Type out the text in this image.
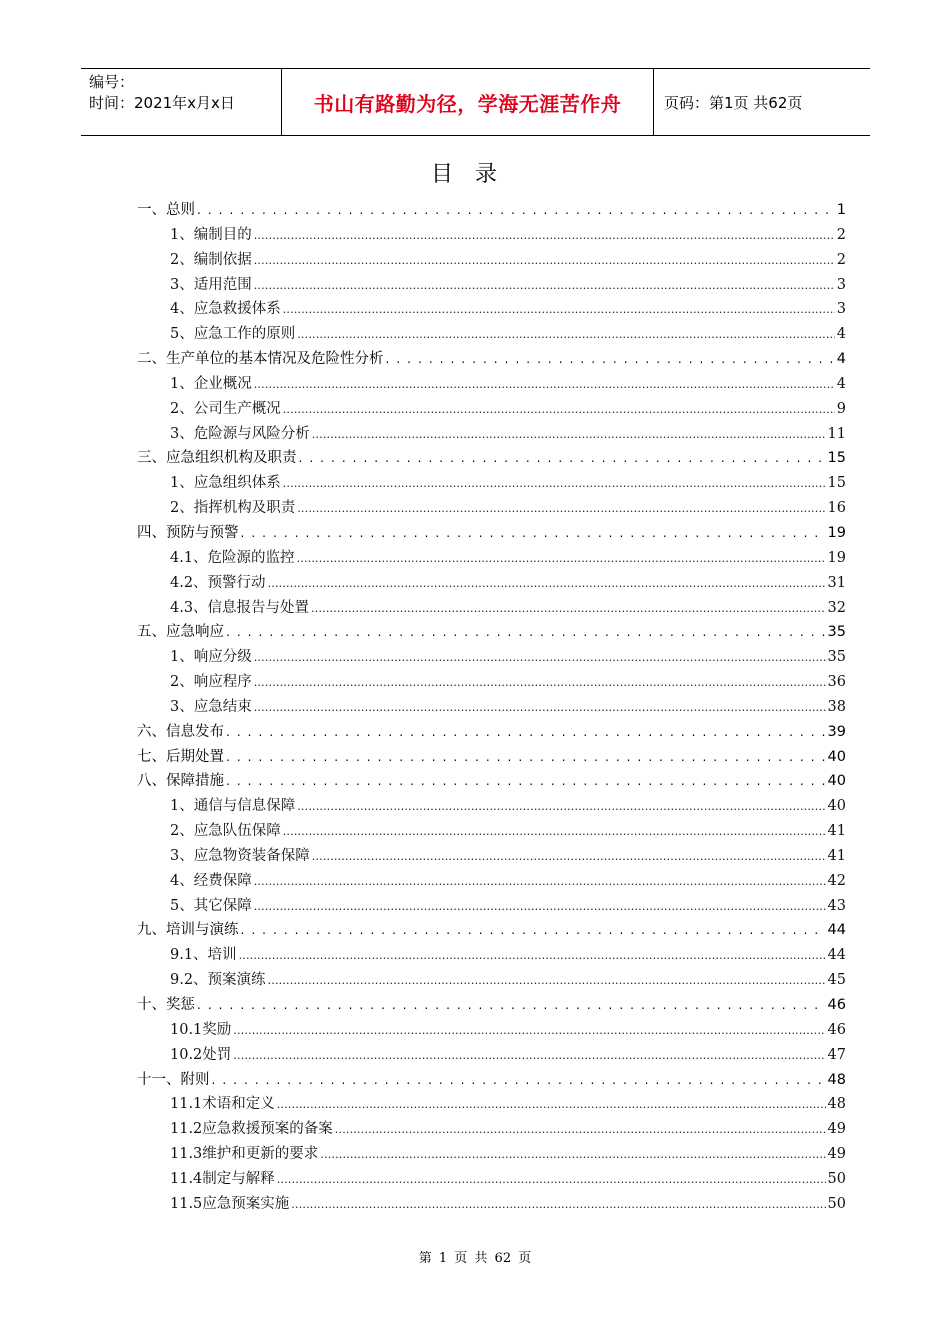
编号：
时间：2021年x月x日	书山有路勤为径，学海无涯苦作舟	页码：第1页 共62页
目录
一、总则 . . .	1
1、编制目的 .....	2
2、编制依据 .....	2
3、适用范围 .....	3
4、应急救援体系 .....	3
5、应急工作的原则 .....	4
二、生产单位的基本情况及危险性分析 . . .	4
1、企业概况 .....	4
2、公司生产概况 .....	9
3、危险源与风险分析 .....	11
三、应急组织机构及职责 . . .	15
1、应急组织体系 .....	15
2、指挥机构及职责 .....	16
四、预防与预警 . . .	19
4.1、危险源的监控 .....	19
4.2、预警行动 .....	31
4.3、信息报告与处置 .....	32
五、应急响应 . . .	35
1、响应分级 .....	35
2、响应程序 .....	36
3、应急结束 .....	38
六、信息发布 . . .	39
七、后期处置 . . .	40
八、保障措施 . . .	40
1、通信与信息保障 .....	40
2、应急队伍保障 .....	41
3、应急物资装备保障 .....	41
4、经费保障 .....	42
5、其它保障 .....	43
九、培训与演练 . . .	44
9.1、培训 .....	44
9.2、预案演练 .....	45
十、奖惩 . . .	46
10.1奖励 .....	46
10.2处罚 .....	47
十一、附则 . . .	48
11.1术语和定义 .....	48
11.2应急救援预案的备案 .....	49
11.3维护和更新的要求 .....	49
11.4制定与解释 .....	50
11.5应急预案实施 .....	50
第 1 页 共 62 页
